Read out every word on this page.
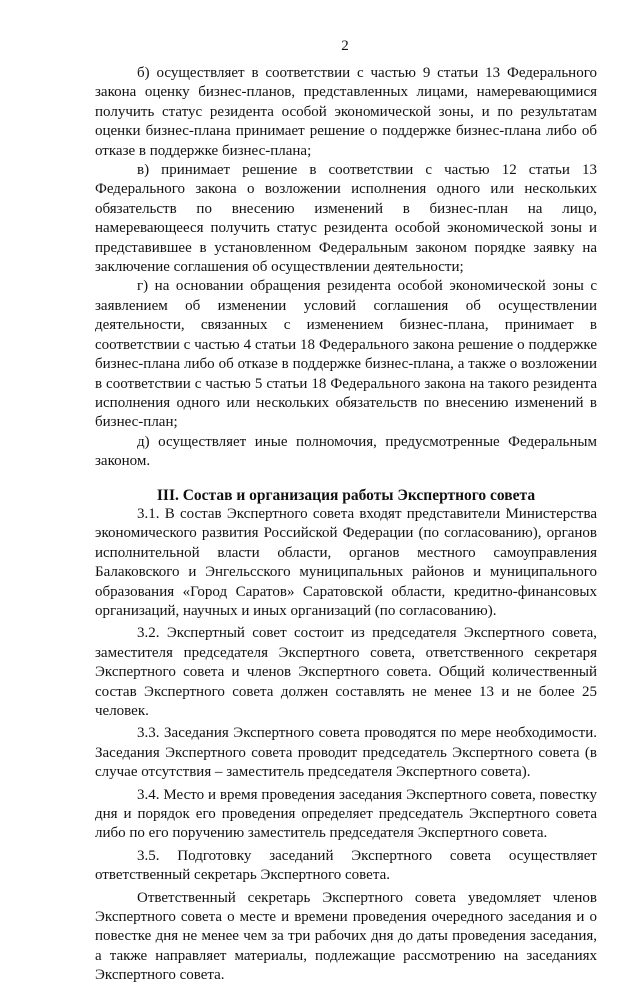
2

б) осуществляет в соответствии с частью 9 статьи 13 Федерального закона оценку бизнес-планов, представленных лицами, намеревающимися получить статус резидента особой экономической зоны, и по результатам оценки бизнес-плана принимает решение о поддержке бизнес-плана либо об отказе в поддержке бизнес-плана;

в) принимает решение в соответствии с частью 12 статьи 13 Федерального закона о возложении исполнения одного или нескольких обязательств по внесению изменений в бизнес-план на лицо, намеревающееся получить статус резидента особой экономической зоны и представившее в установленном Федеральным законом порядке заявку на заключение соглашения об осуществлении деятельности;

г) на основании обращения резидента особой экономической зоны с заявлением об изменении условий соглашения об осуществлении деятельности, связанных с изменением бизнес-плана, принимает в соответствии с частью 4 статьи 18 Федерального закона решение о поддержке бизнес-плана либо об отказе в поддержке бизнес-плана, а также о возложении в соответствии с частью 5 статьи 18 Федерального закона на такого резидента исполнения одного или нескольких обязательств по внесению изменений в бизнес-план;

д) осуществляет иные полномочия, предусмотренные Федеральным законом.

III. Состав и организация работы Экспертного совета

3.1. В состав Экспертного совета входят представители Министерства экономического развития Российской Федерации (по согласованию), органов исполнительной власти области, органов местного самоуправления Балаковского и Энгельсского муниципальных районов и муниципального образования «Город Саратов» Саратовской области, кредитно-финансовых организаций, научных и иных организаций (по согласованию).

3.2. Экспертный совет состоит из председателя Экспертного совета, заместителя председателя Экспертного совета, ответственного секретаря Экспертного совета и членов Экспертного совета. Общий количественный состав Экспертного совета должен составлять не менее 13 и не более 25 человек.

3.3. Заседания Экспертного совета проводятся по мере необходимости. Заседания Экспертного совета проводит председатель Экспертного совета (в случае отсутствия – заместитель председателя Экспертного совета).

3.4. Место и время проведения заседания Экспертного совета, повестку дня и порядок его проведения определяет председатель Экспертного совета либо по его поручению заместитель председателя Экспертного совета.

3.5. Подготовку заседаний Экспертного совета осуществляет ответственный секретарь Экспертного совета.

Ответственный секретарь Экспертного совета уведомляет членов Экспертного совета о месте и времени проведения очередного заседания и о повестке дня не менее чем за три рабочих дня до даты проведения заседания, а также направляет материалы, подлежащие рассмотрению на заседаниях Экспертного совета.
